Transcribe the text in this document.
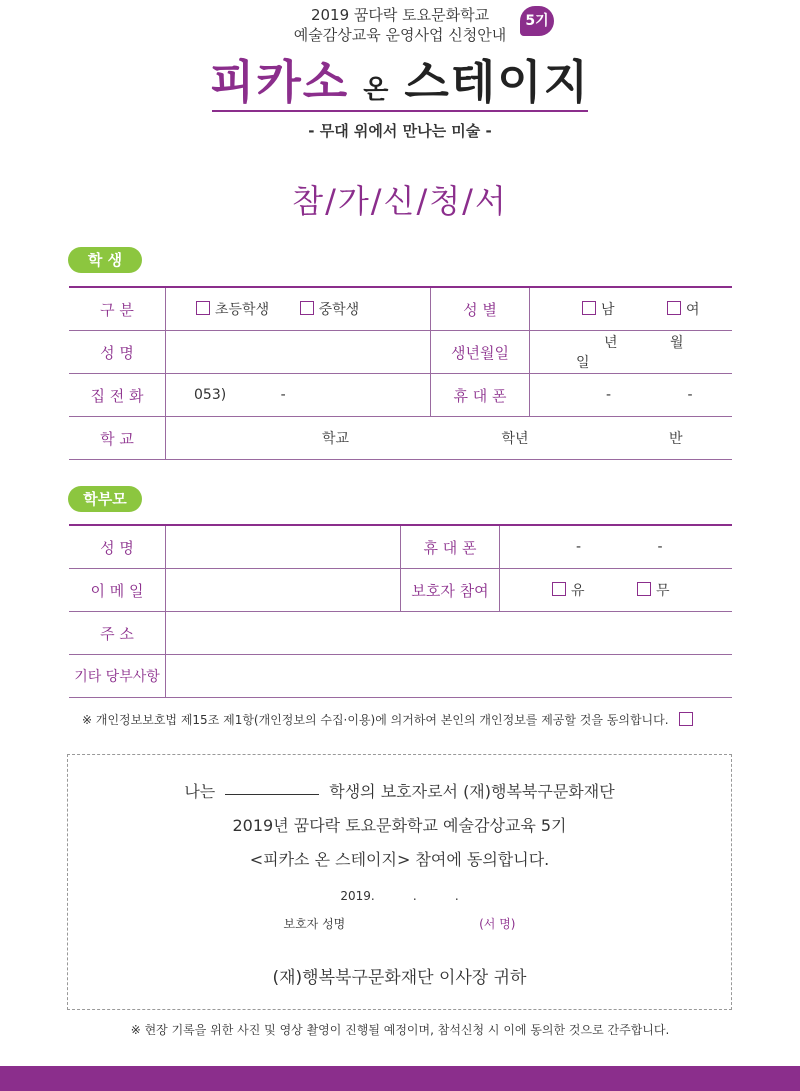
2019 꿈다락 토요문화학교
예술감상교육 운영사업 신청안내
5기
피카소 온 스테이지
- 무대 위에서 만나는 미술 -
참/가/신/청/서
학 생
구 분	초등학생 중학생	성 별	남 여
성 명		생년월일	년 월 일
집 전 화	053) -	휴 대 폰	- -
학 교	학교 학년 반		
학부모
성 명		휴 대 폰	- -
이 메 일		보호자 참여	유 무
주 소			
기타 당부사항			
※ 개인정보보호법 제15조 제1항(개인정보의 수집·이용)에 의거하여 본인의 개인정보를 제공할 것을 동의합니다.
나는	학생의 보호자로서 (재)행복북구문화재단
2019년 꿈다락 토요문화학교 예술감상교육 5기
<피카소 온 스테이지> 참여에 동의합니다.
2019.          .          .
보호자 성명	(서 명)
(재)행복북구문화재단 이사장 귀하
※ 현장 기록을 위한 사진 및 영상 촬영이 진행될 예정이며, 참석신청 시 이에 동의한 것으로 간주합니다.
